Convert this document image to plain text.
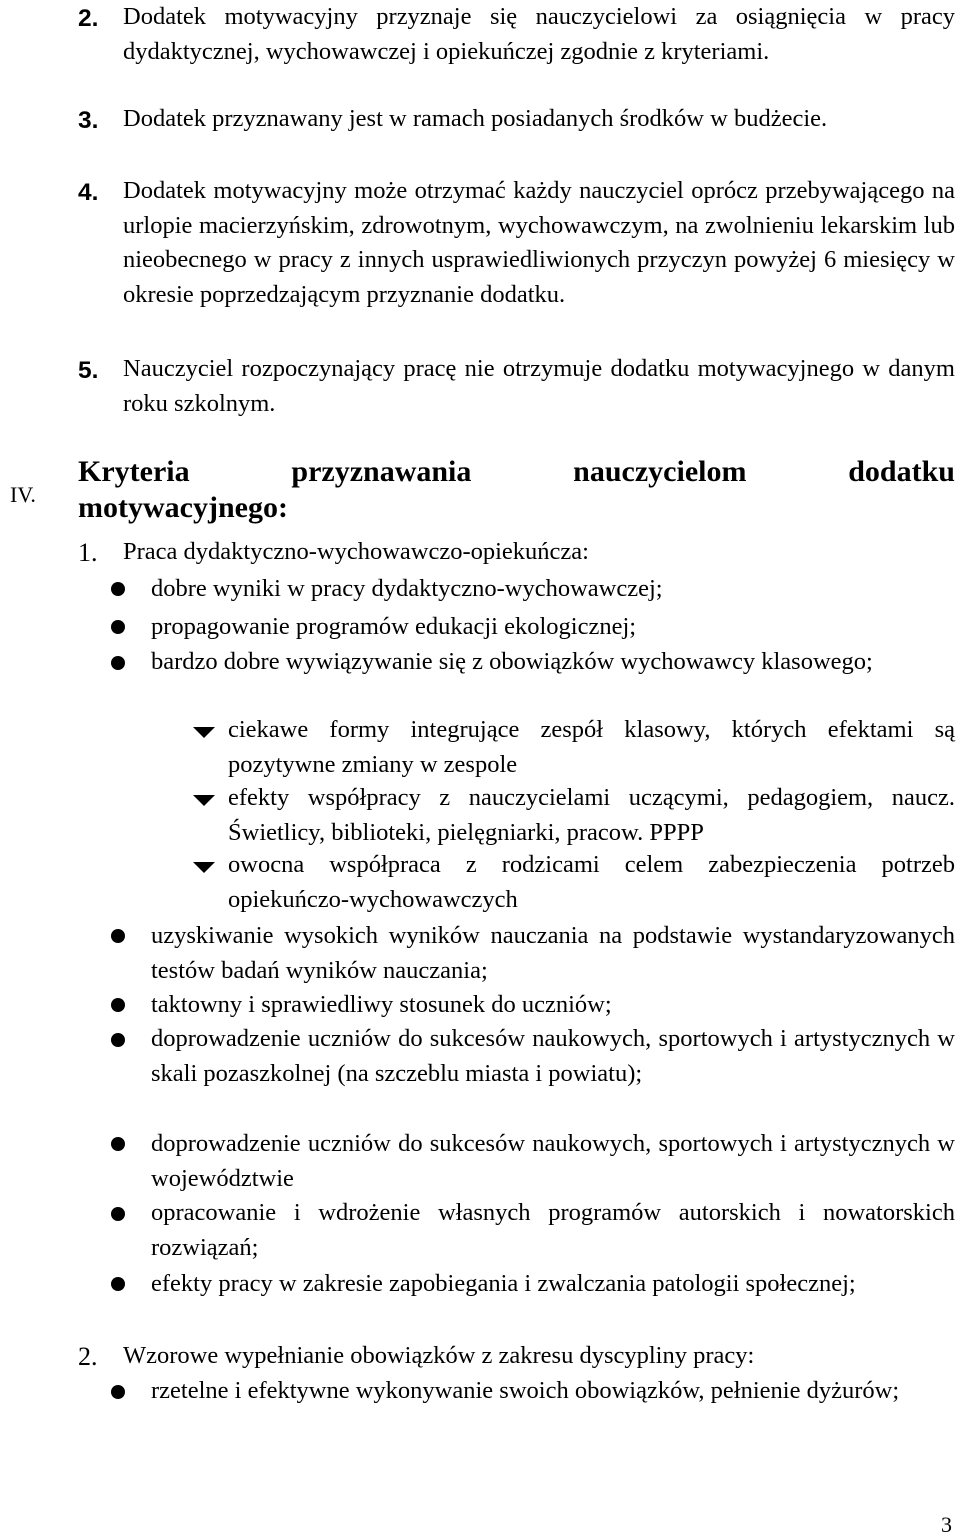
2. Dodatek motywacyjny przyznaje się nauczycielowi za osiągnięcia w pracy dydaktycznej, wychowawczej i opiekuńczej zgodnie z kryteriami.
3. Dodatek przyznawany jest w ramach posiadanych środków w budżecie.
4. Dodatek motywacyjny może otrzymać każdy nauczyciel oprócz przebywającego na urlopie macierzyńskim, zdrowotnym, wychowawczym, na zwolnieniu lekarskim lub nieobecnego w pracy z innych usprawiedliwionych przyczyn powyżej 6 miesięcy w okresie poprzedzającym przyznanie dodatku.
5. Nauczyciel rozpoczynający pracę nie otrzymuje dodatku motywacyjnego w danym roku szkolnym.
IV.
Kryteria	przyznawania	nauczycielom	dodatku
motywacyjnego:
1. Praca dydaktyczno-wychowawczo-opiekuńcza:
dobre wyniki w pracy dydaktyczno-wychowawczej;
propagowanie programów edukacji ekologicznej;
bardzo dobre wywiązywanie się z obowiązków wychowawcy klasowego;
ciekawe formy integrujące zespół klasowy, których efektami są pozytywne zmiany w zespole
efekty współpracy z nauczycielami uczącymi, pedagogiem, naucz. Świetlicy, biblioteki, pielęgniarki, pracow. PPPP
owocna współpraca z rodzicami celem zabezpieczenia potrzeb opiekuńczo-wychowawczych
uzyskiwanie wysokich wyników nauczania na podstawie wystandaryzowanych testów badań wyników nauczania;
taktowny i sprawiedliwy stosunek do uczniów;
doprowadzenie uczniów do sukcesów naukowych, sportowych i artystycznych w skali pozaszkolnej (na szczeblu miasta i powiatu);
doprowadzenie uczniów do sukcesów naukowych, sportowych i artystycznych w województwie
opracowanie i wdrożenie własnych programów autorskich i nowatorskich rozwiązań;
efekty pracy w zakresie zapobiegania i zwalczania patologii społecznej;
2. Wzorowe wypełnianie obowiązków z zakresu dyscypliny pracy:
rzetelne i efektywne wykonywanie swoich obowiązków, pełnienie dyżurów;
3
